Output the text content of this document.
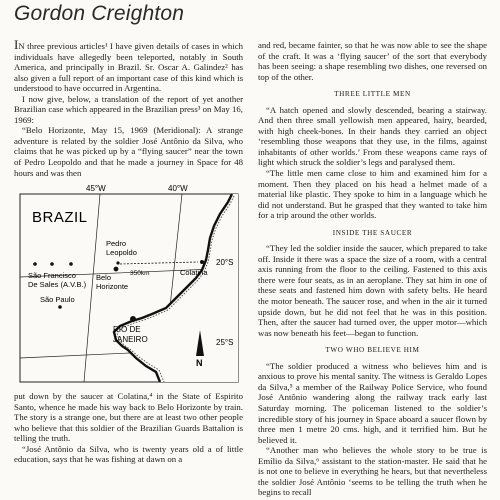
Gordon Creighton

IN three previous articles¹ I have given details of cases in which individuals have allegedly been teleported, notably in South America, and principally in Brazil. Sr. Oscar A. Galindez² has also given a full report of an important case of this kind which is understood to have occurred in Argentina.

I now give, below, a translation of the report of yet another Brazilian case which appeared in the Brazilian press³ on May 16, 1969:

“Belo Horizonte, May 15, 1969 (Meridional): A strange adventure is related by the soldier José Antônio da Silva, who claims that he was picked up by a “flying saucer” near the town of Pedro Leopoldo and that he made a journey in Space for 48 hours and was then

45°W	40°W
20°S
25°S
BRAZIL
Pedro Leopoldo
Belo Horizonte
Colatina
350km
São Francisco De Sales (A.V.B.)
São Paulo
RIO DE JANEIRO
N

put down by the saucer at Colatina,⁴ in the State of Espirito Santo, whence he made his way back to Belo Horizonte by train. The story is a strange one, but there are at least two other people who believe that this soldier of the Brazilian Guards Battalion is telling the truth.

“José Antônio da Silva, who is twenty years old a of little education, says that he was fishing at dawn on a

and red, became fainter, so that he was now able to see the shape of the craft. It was a ‘flying saucer’ of the sort that everybody has been seeing: a shape resembling two dishes, one reversed on top of the other.

THREE LITTLE MEN

“A hatch opened and slowly descended, bearing a stairway. And then three small yellowish men appeared, hairy, bearded, with high cheek-bones. In their hands they carried an object ‘resembling those weapons that they use, in the films, against inhabitants of other worlds.’ From these weapons came rays of light which struck the soldier’s legs and paralysed them.

“The little men came close to him and examined him for a moment. Then they placed on his head a helmet made of a material like plastic. They spoke to him in a language which he did not understand. But he grasped that they wanted to take him for a trip around the other worlds.

INSIDE THE SAUCER

“They led the soldier inside the saucer, which prepared to take off. Inside it there was a space the size of a room, with a central axis running from the floor to the ceiling. Fastened to this axis there were four seats, as in an aeroplane. They sat him in one of these seats and fastened him down with safety belts. He heard the motor beneath. The saucer rose, and when in the air it turned upside down, but he did not feel that he was in this position. Then, after the saucer had turned over, the upper motor—which was now beneath his feet—began to function.

TWO WHO BELIEVE HIM

“The soldier produced a witness who believes him and is anxious to prove his mental sanity. The witness is Geraldo Lopes da Silva,⁵ a member of the Railway Police Service, who found José Antônio wandering along the railway track early last Saturday morning. The policeman listened to the soldier’s incredible story of his journey in Space aboard a saucer flown by three men 1 metre 20 cms. high, and it terrified him. But he believed it.

“Another man who believes the whole story to be true is Emílio da Silva,⁶ assistant to the station-master. He said that he is not one to believe in everything he hears, but that nevertheless the soldier José Antônio ‘seems to be telling the truth when he begins to recall
